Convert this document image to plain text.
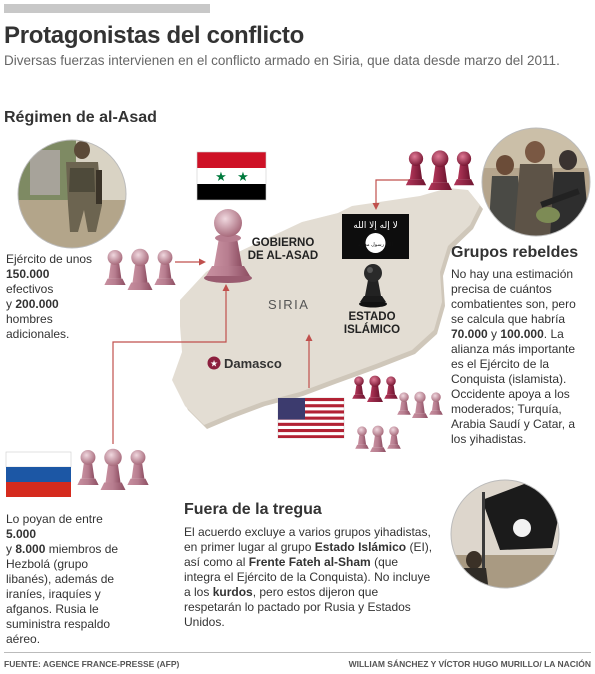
Protagonistas del conflicto
Diversas fuerzas intervienen en el conflicto armado en Siria, que data desde marzo del 2011.
★ ★
لا إله إلا الله
الله رسول محمد
★
GOBIERNO
DE AL-ASAD
SIRIA
ESTADO
ISLÁMICO
Damasco
Régimen de al-Asad
Ejército de unos
150.000
efectivos
y 200.000 hombres adicionales.
Grupos rebeldes
No hay una estimación precisa de cuántos combatientes son, pero se calcula que habría 70.000 y 100.000. La alianza más importante es el Ejército de la Conquista (islamista). Occidente apoya a los moderados; Turquía, Arabia Saudí y Catar, a los yihadistas.
Lo poyan de entre
5.000
y 8.000 miembros de Hezbolá (grupo libanés), además de iraníes, iraquíes y afganos. Rusia le suministra respaldo aéreo.
Fuera de la tregua
El acuerdo excluye a varios grupos yihadistas, en primer lugar al grupo Estado Islámico (EI), así como al Frente Fateh al-Sham (que integra el Ejército de la Conquista). No incluye a los kurdos, pero estos dijeron que respetarán lo pactado por Rusia y Estados Unidos.
FUENTE: AGENCE FRANCE-PRESSE (AFP)	WILLIAM SÁNCHEZ Y VÍCTOR HUGO MURILLO/ LA NACIÓN
